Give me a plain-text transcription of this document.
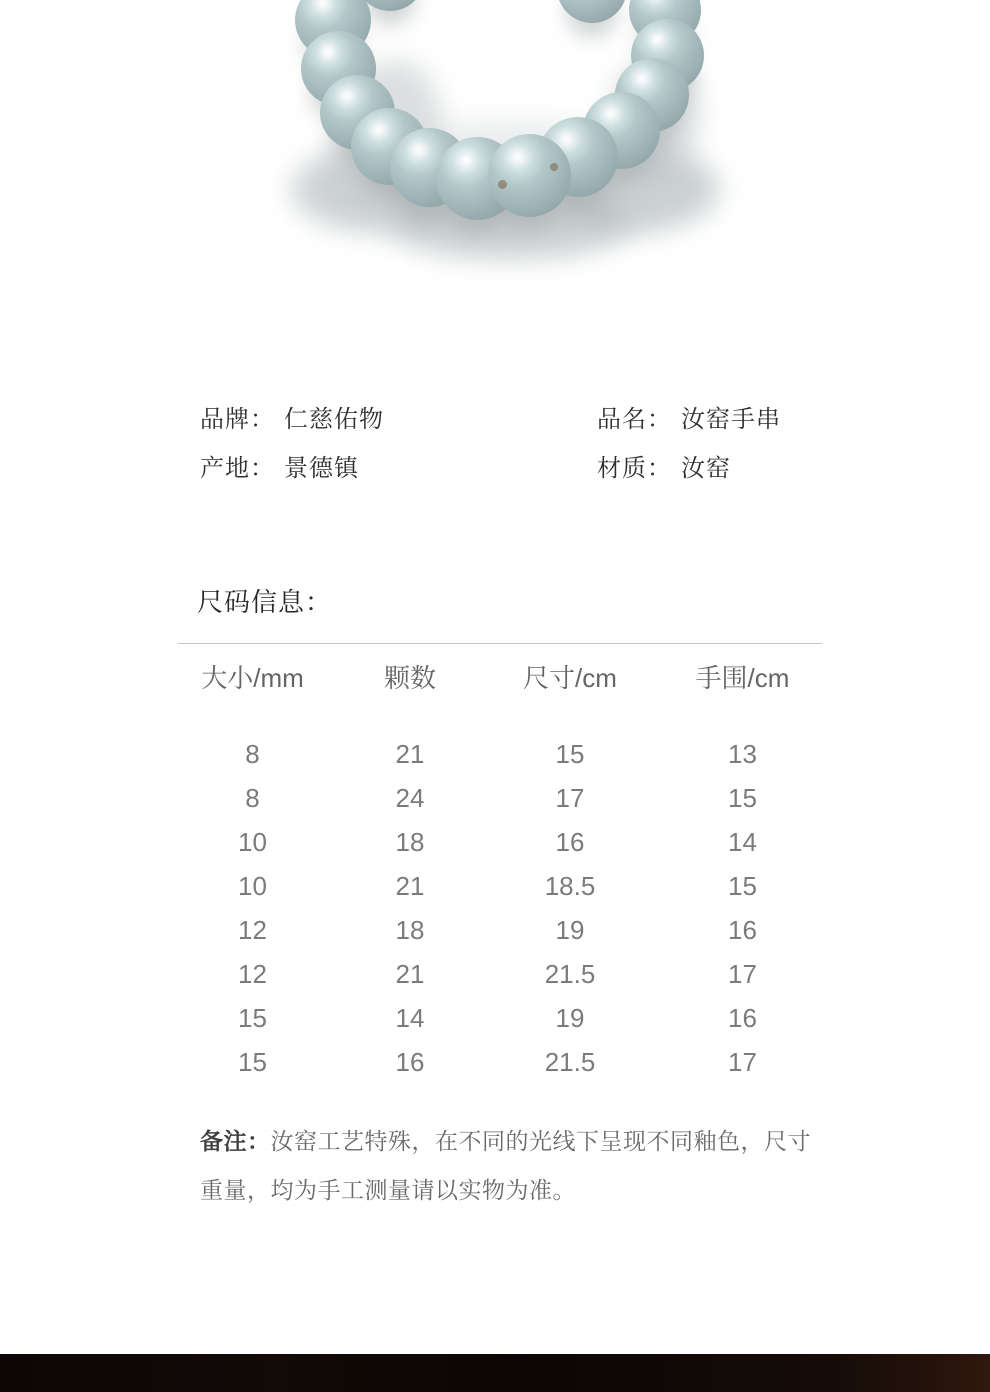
品牌： 仁慈佑物	品名： 汝窑手串
产地： 景德镇	材质： 汝窑
尺码信息：
大小/mm	颗数	尺寸/cm	手围/cm
8	21	15	13
8	24	17	15
10	18	16	14
10	21	18.5	15
12	18	19	16
12	21	21.5	17
15	14	19	16
15	16	21.5	17
备注：汝窑工艺特殊，在不同的光线下呈现不同釉色，尺寸
重量，均为手工测量请以实物为准。
